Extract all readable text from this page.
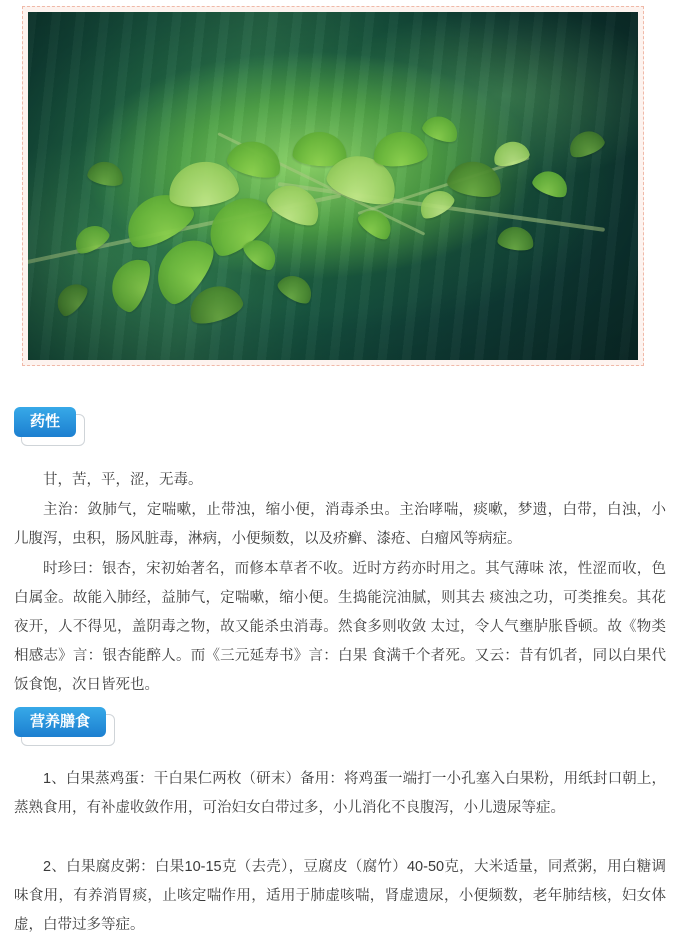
药性

甘，苦，平，涩，无毒。

主治：敛肺气，定喘嗽，止带浊，缩小便，消毒杀虫。主治哮喘，痰嗽，梦遗，白带，白浊，小儿腹泻，虫积，肠风脏毒，淋病，小便频数，以及疥癣、漆疮、白瘤风等病症。

时珍曰：银杏，宋初始著名，而修本草者不收。近时方药亦时用之。其气薄味 浓，性涩而收，色白属金。故能入肺经，益肺气，定喘嗽，缩小便。生捣能浣油腻，则其去 痰浊之功，可类推矣。其花夜开，人不得见，盖阴毒之物，故又能杀虫消毒。然食多则收敛 太过，令人气壅胪胀昏顿。故《物类相感志》言：银杏能醉人。而《三元延寿书》言：白果 食满千个者死。又云：昔有饥者，同以白果代饭食饱，次日皆死也。

营养膳食

1、白果蒸鸡蛋：干白果仁两枚（研末）备用：将鸡蛋一端打一小孔塞入白果粉，用纸封口朝上，蒸熟食用，有补虚收敛作用，可治妇女白带过多，小儿消化不良腹泻，小儿遗尿等症。

2、白果腐皮粥：白果10-15克（去壳），豆腐皮（腐竹）40-50克，大米适量，同煮粥，用白糖调味食用，有养消胃痰，止咳定喘作用，适用于肺虚咳喘，肾虚遗尿，小便频数，老年肺结核，妇女体虚，白带过多等症。
